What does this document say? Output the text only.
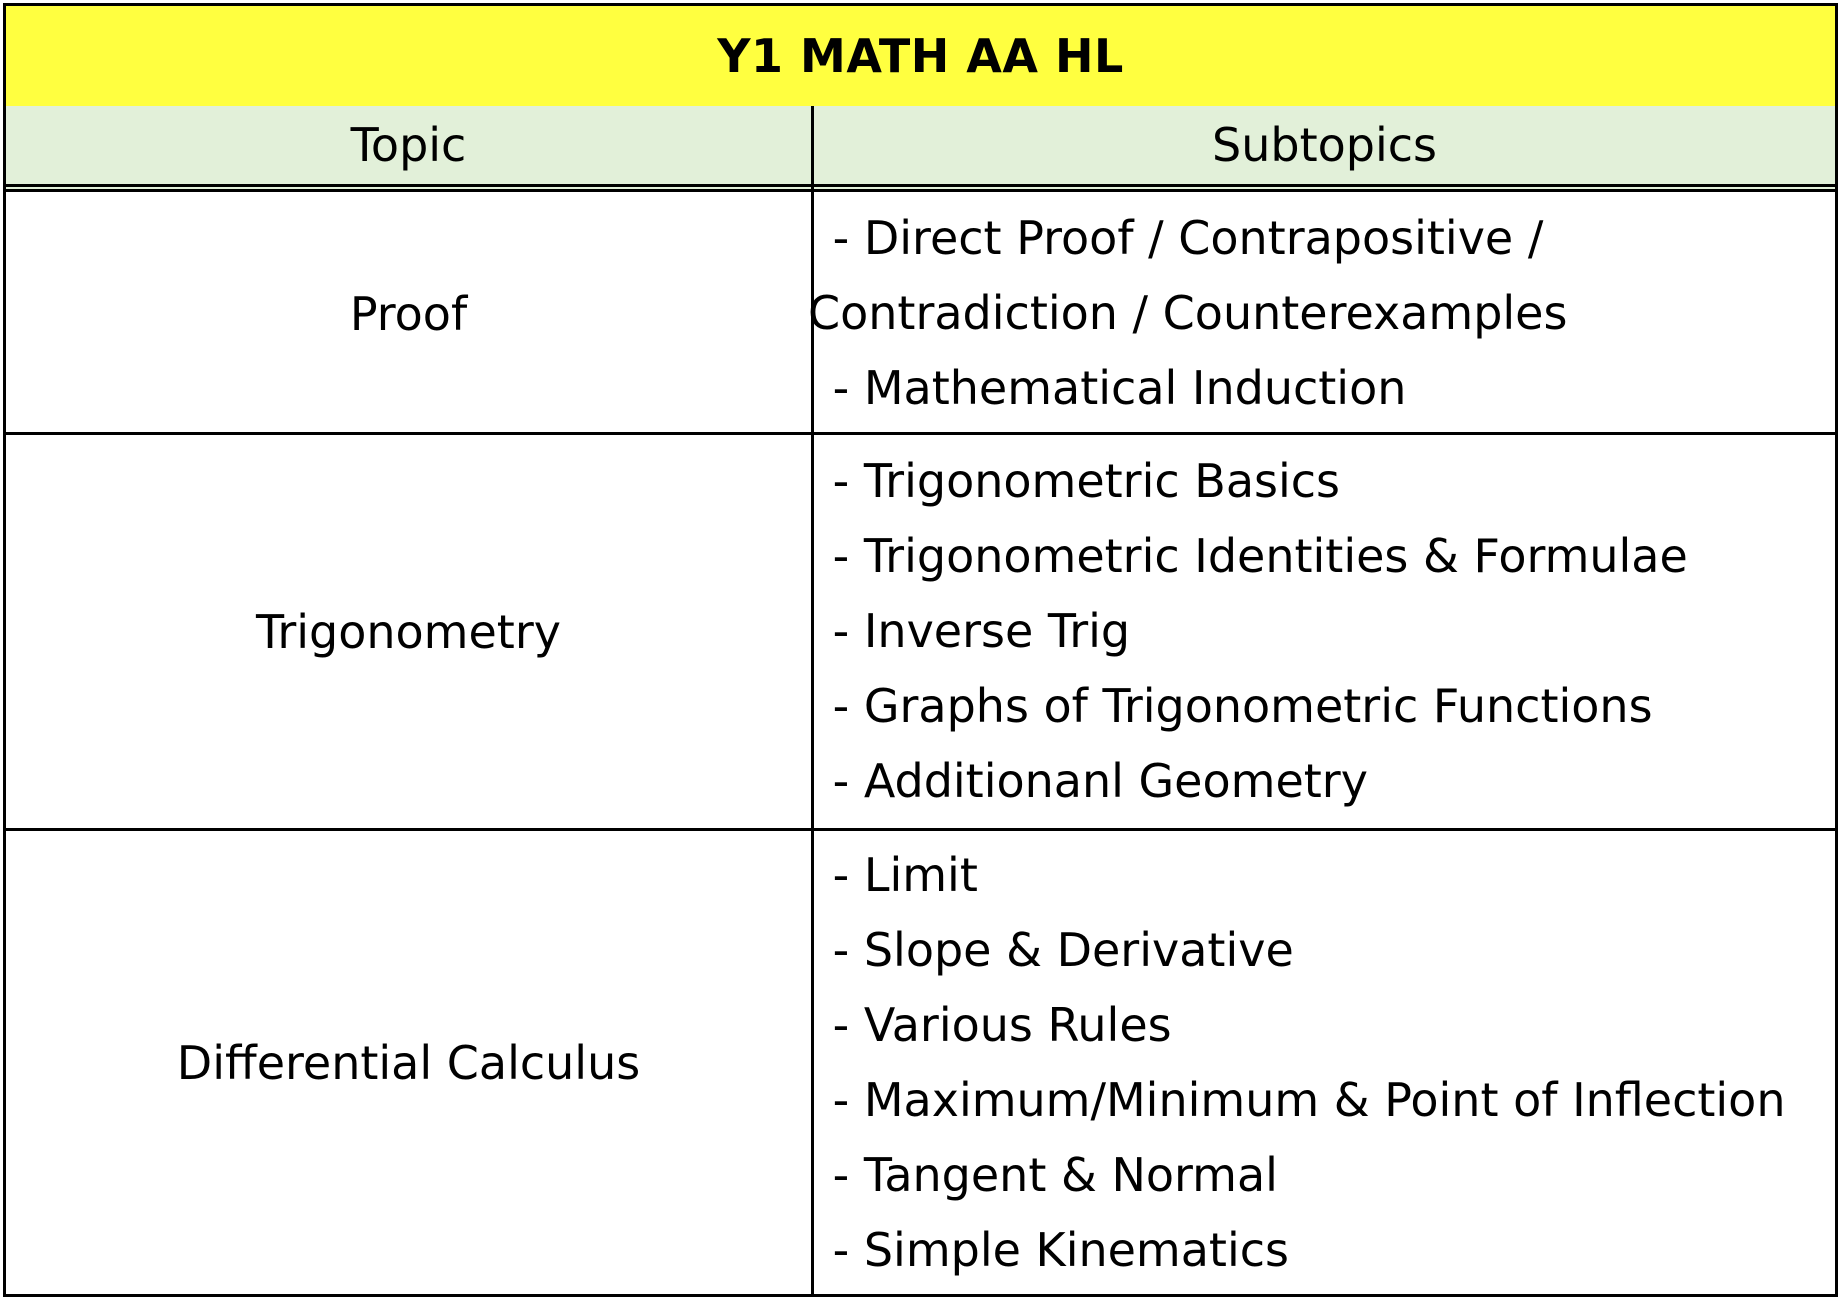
Y1 MATH AA HL
Topic	Subtopics
Proof
- Direct Proof / Contrapositive /
Contradiction / Counterexamples
- Mathematical Induction
Trigonometry
- Trigonometric Basics
- Trigonometric Identities & Formulae
- Inverse Trig
- Graphs of Trigonometric Functions
- Additionanl Geometry
Differential Calculus
- Limit
- Slope & Derivative
- Various Rules
- Maximum/Minimum & Point of Inflection
- Tangent & Normal
- Simple Kinematics
